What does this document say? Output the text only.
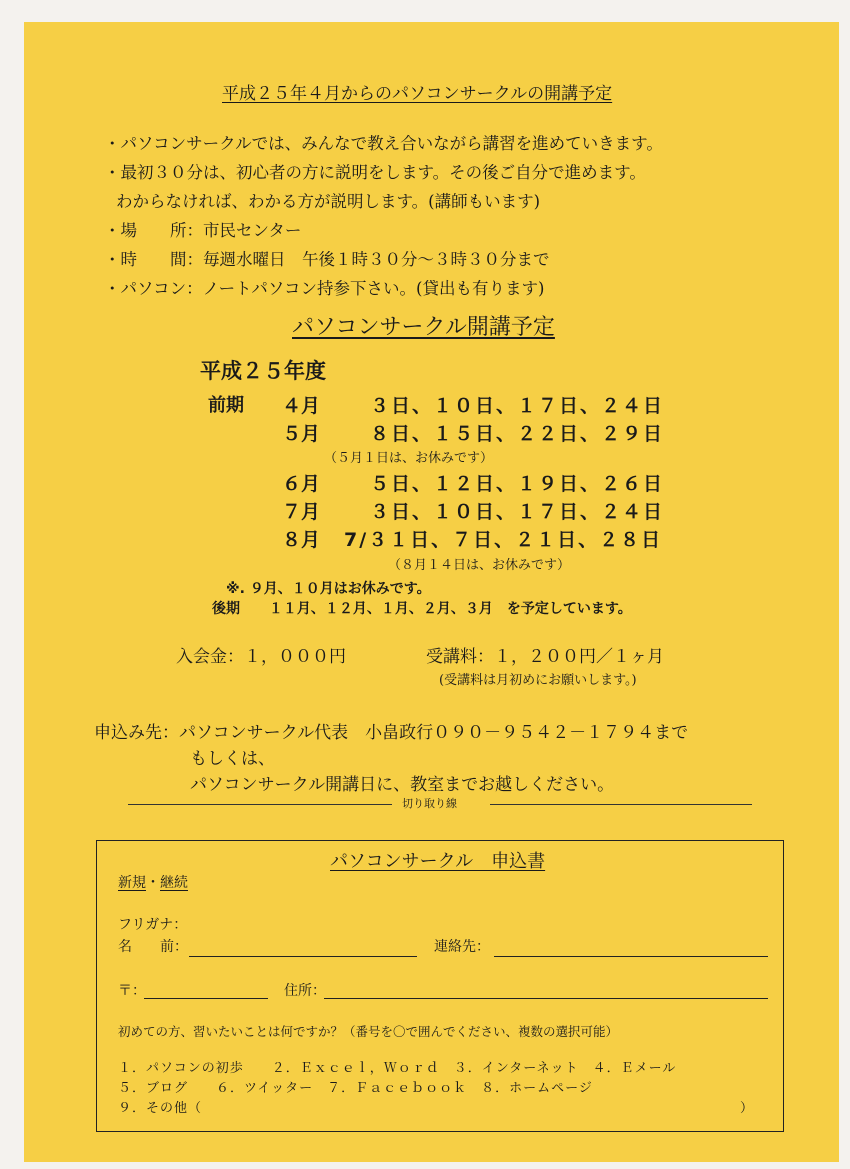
平成２５年４月からのパソコンサークルの開講予定
・パソコンサークルでは、みんなで教え合いながら講習を進めていきます。
・最初３０分は、初心者の方に説明をします。その後ご自分で進めます。
わからなければ、わかる方が説明します。(講師もいます)
・場　　所：市民センター
・時　　間：毎週水曜日　午後１時３０分～３時３０分まで
・パソコン：ノートパソコン持参下さい。(貸出も有ります)
パソコンサークル開講予定
平成２５年度
前期 ４月	３日、１０日、１７日、２４日
５月	８日、１５日、２２日、２９日
（５月１日は、お休みです）
６月	５日、１２日、１９日、２６日
７月	３日、１０日、１７日、２４日
８月 7/３１日、７日、２１日、２８日
（８月１４日は、お休みです）
※. ９月、１０月はお休みです。
後期 １１月、１２月、１月、２月、３月　を予定しています。
入会金：１，０００円	受講料：１，２００円／１ヶ月
(受講料は月初めにお願いします。)
申込み先：パソコンサークル代表　小畠政行０９０－９５４２－１７９４まで
もしくは、
パソコンサークル開講日に、教室までお越しください。
切り取り線
パソコンサークル　申込書
新規・継続
フリガナ：
名　　前：	連絡先：
〒：	住所：
初めての方、習いたいことは何ですか？（番号を〇で囲んでください、複数の選択可能）
１．パソコンの初歩　　２．Ｅｘｃｅｌ，Ｗｏｒｄ　３．インターネット　４．Ｅメール
５．ブログ　　６．ツイッター　７．Ｆａｃｅｂｏｏｋ　８．ホームページ
９．その他（	）
